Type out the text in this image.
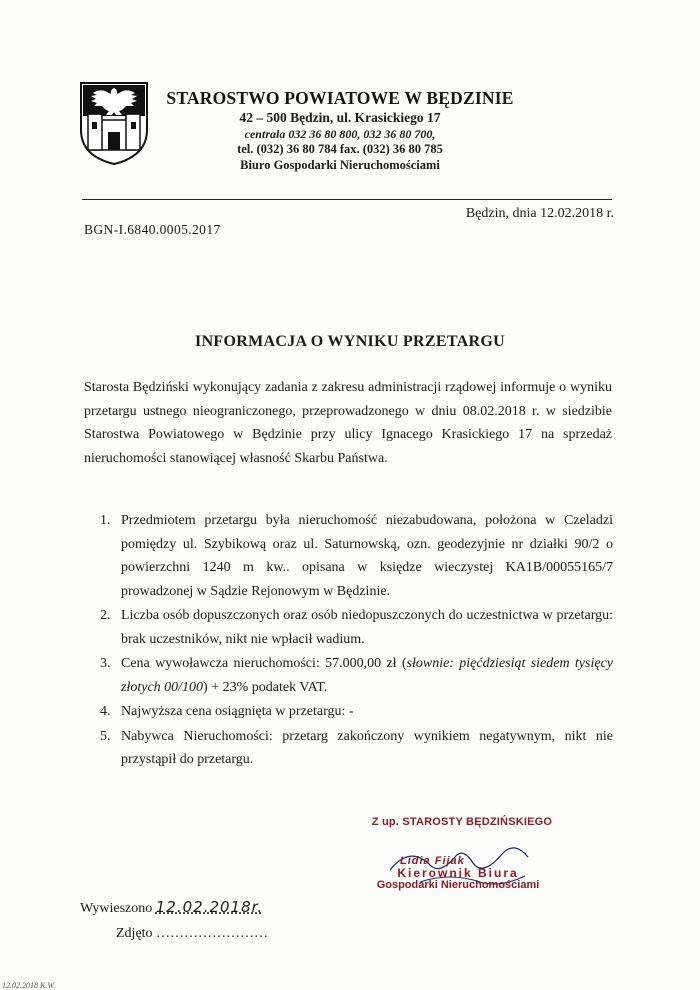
STAROSTWO POWIATOWE W BĘDZINIE
42 – 500 Będzin, ul. Krasickiego 17
centrala 032 36 80 800, 032 36 80 700,
tel. (032) 36 80 784 fax. (032) 36 80 785
Biuro Gospodarki Nieruchomościami
Będzin, dnia 12.02.2018 r.
BGN-I.6840.0005.2017
INFORMACJA O WYNIKU PRZETARGU

Starosta Będziński wykonujący zadania z zakresu administracji rządowej informuje o wyniku przetargu ustnego nieograniczonego, przeprowadzonego w dniu 08.02.2018 r. w siedzibie Starostwa Powiatowego w Będzinie przy ulicy Ignacego Krasickiego 17 na sprzedaż nieruchomości stanowiącej własność Skarbu Państwa.

1. Przedmiotem przetargu była nieruchomość niezabudowana, położona w Czeladzi pomiędzy ul. Szybikową oraz ul. Saturnowską, ozn. geodezyjnie nr działki 90/2 o powierzchni 1240 m kw.. opisana w księdze wieczystej KA1B/00055165/7 prowadzonej w Sądzie Rejonowym w Będzinie.
2. Liczba osób dopuszczonych oraz osób niedopuszczonych do uczestnictwa w przetargu: brak uczestników, nikt nie wpłacił wadium.
3. Cena wywoławcza nieruchomości: 57.000,00 zł (słownie: pięćdziesiąt siedem tysięcy złotych 00/100) + 23% podatek VAT.
4. Najwyższa cena osiągnięta w przetargu: -
5. Nabywca Nieruchomości: przetarg zakończony wynikiem negatywnym, nikt nie przystąpił do przetargu.
Z up. STAROSTY BĘDZIŃSKIEGO
Lidia Fijak
Kierownik Biura
Gospodarki Nieruchomościami
Wywieszono 12.02.2018r.
Zdjęto ……………………
12.02.2018 K.W.
